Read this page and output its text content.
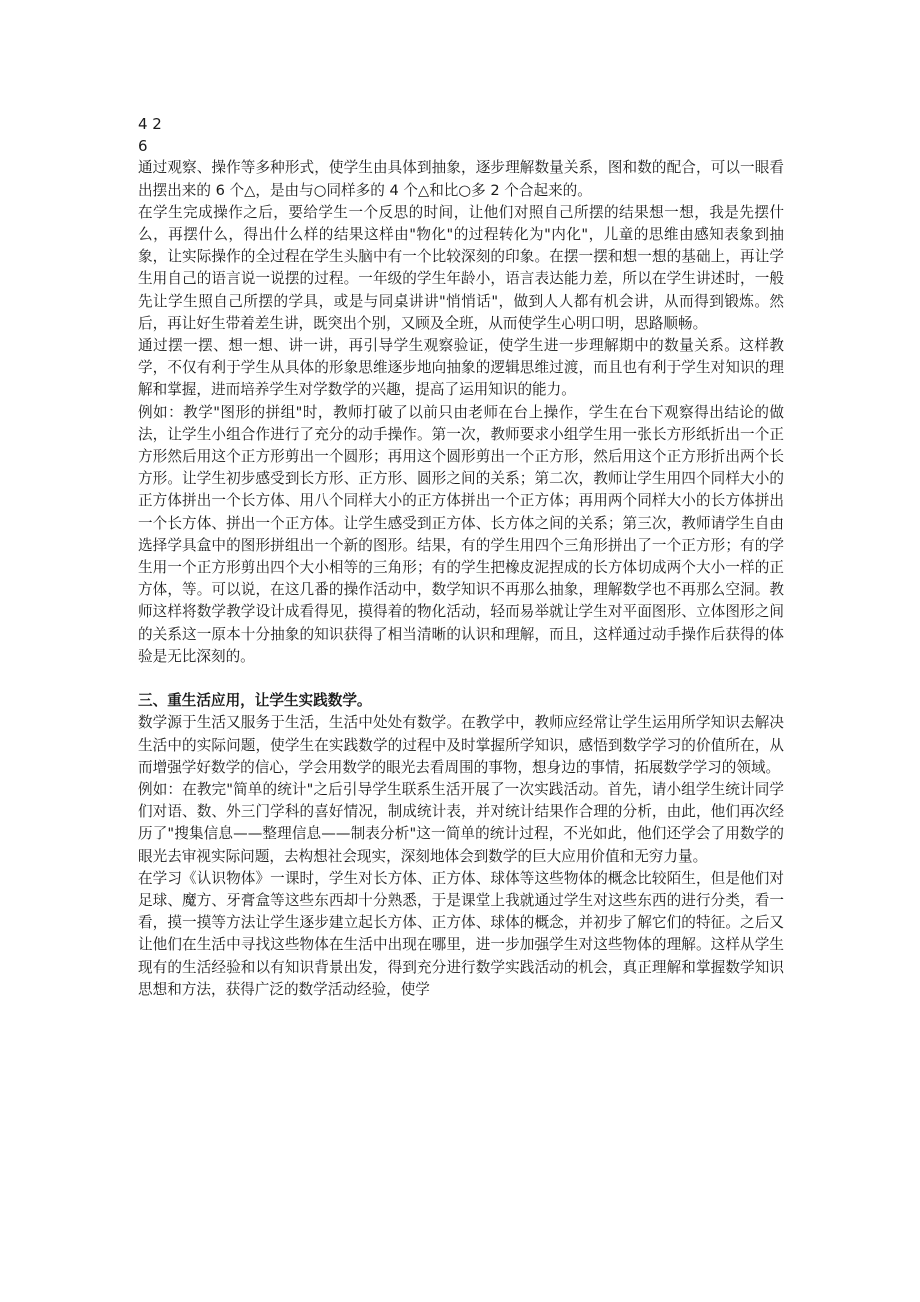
4 2

6

通过观察、操作等多种形式，使学生由具体到抽象，逐步理解数量关系，图和数的配合，可以一眼看出摆出来的 6 个△，是由与○同样多的 4 个△和比○多 2 个合起来的。

在学生完成操作之后，要给学生一个反思的时间，让他们对照自己所摆的结果想一想，我是先摆什么，再摆什么，得出什么样的结果这样由"物化"的过程转化为"内化"，儿童的思维由感知表象到抽象，让实际操作的全过程在学生头脑中有一个比较深刻的印象。在摆一摆和想一想的基础上，再让学生用自己的语言说一说摆的过程。一年级的学生年龄小，语言表达能力差，所以在学生讲述时，一般先让学生照自己所摆的学具，或是与同桌讲讲"悄悄话"，做到人人都有机会讲，从而得到锻炼。然后，再让好生带着差生讲，既突出个别，又顾及全班，从而使学生心明口明，思路顺畅。

通过摆一摆、想一想、讲一讲，再引导学生观察验证，使学生进一步理解期中的数量关系。这样教学，不仅有利于学生从具体的形象思维逐步地向抽象的逻辑思维过渡，而且也有利于学生对知识的理解和掌握，进而培养学生对学数学的兴趣，提高了运用知识的能力。

例如：教学"图形的拼组"时，教师打破了以前只由老师在台上操作，学生在台下观察得出结论的做法，让学生小组合作进行了充分的动手操作。第一次，教师要求小组学生用一张长方形纸折出一个正方形然后用这个正方形剪出一个圆形；再用这个圆形剪出一个正方形，然后用这个正方形折出两个长方形。让学生初步感受到长方形、正方形、圆形之间的关系；第二次，教师让学生用四个同样大小的正方体拼出一个长方体、用八个同样大小的正方体拼出一个正方体；再用两个同样大小的长方体拼出一个长方体、拼出一个正方体。让学生感受到正方体、长方体之间的关系；第三次，教师请学生自由选择学具盒中的图形拼组出一个新的图形。结果，有的学生用四个三角形拼出了一个正方形；有的学生用一个正方形剪出四个大小相等的三角形；有的学生把橡皮泥捏成的长方体切成两个大小一样的正方体，等。可以说，在这几番的操作活动中，数学知识不再那么抽象，理解数学也不再那么空洞。教师这样将数学教学设计成看得见，摸得着的物化活动，轻而易举就让学生对平面图形、立体图形之间的关系这一原本十分抽象的知识获得了相当清晰的认识和理解，而且，这样通过动手操作后获得的体验是无比深刻的。

三、重生活应用，让学生实践数学。

数学源于生活又服务于生活，生活中处处有数学。在教学中，教师应经常让学生运用所学知识去解决生活中的实际问题，使学生在实践数学的过程中及时掌握所学知识，感悟到数学学习的价值所在，从而增强学好数学的信心，学会用数学的眼光去看周围的事物，想身边的事情，拓展数学学习的领域。

例如：在教完"简单的统计"之后引导学生联系生活开展了一次实践活动。首先，请小组学生统计同学们对语、数、外三门学科的喜好情况，制成统计表，并对统计结果作合理的分析，由此，他们再次经历了"搜集信息——整理信息——制表分析"这一简单的统计过程，不光如此，他们还学会了用数学的眼光去审视实际问题，去构想社会现实，深刻地体会到数学的巨大应用价值和无穷力量。

在学习《认识物体》一课时，学生对长方体、正方体、球体等这些物体的概念比较陌生，但是他们对足球、魔方、牙膏盒等这些东西却十分熟悉，于是课堂上我就通过学生对这些东西的进行分类，看一看，摸一摸等方法让学生逐步建立起长方体、正方体、球体的概念，并初步了解它们的特征。之后又让他们在生活中寻找这些物体在生活中出现在哪里，进一步加强学生对这些物体的理解。这样从学生现有的生活经验和以有知识背景出发，得到充分进行数学实践活动的机会，真正理解和掌握数学知识思想和方法，获得广泛的数学活动经验，使学
